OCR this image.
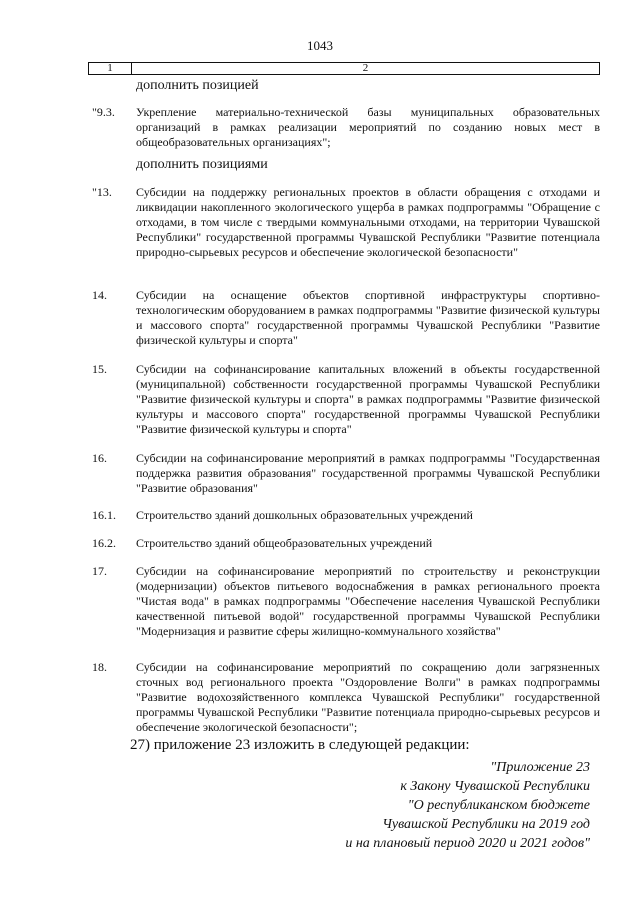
1043
1	2
дополнить позицией
"9.3.	Укрепление материально-технической базы муниципальных образовательных организаций в рамках реализации мероприятий по созданию новых мест в общеобразовательных организациях";
дополнить позициями
"13.	Субсидии на поддержку региональных проектов в области обращения с отходами и ликвидации накопленного экологического ущерба в рамках подпрограммы "Обращение с отходами, в том числе с твердыми коммунальными отходами, на территории Чувашской Республики" государственной программы Чувашской Республики "Развитие потенциала природно-сырьевых ресурсов и обеспечение экологической безопасности"
14.	Субсидии на оснащение объектов спортивной инфраструктуры спортивно-технологическим оборудованием в рамках подпрограммы "Развитие физической культуры и массового спорта" государственной программы Чувашской Республики "Развитие физической культуры и спорта"
15.	Субсидии на софинансирование капитальных вложений в объекты государственной (муниципальной) собственности государственной программы Чувашской Республики "Развитие физической культуры и спорта" в рамках подпрограммы "Развитие физической культуры и массового спорта" государственной программы Чувашской Республики "Развитие физической культуры и спорта"
16.	Субсидии на софинансирование мероприятий в рамках подпрограммы "Государственная поддержка развития образования" государственной программы Чувашской Республики "Развитие образования"
16.1.	Строительство зданий дошкольных образовательных учреждений
16.2.	Строительство зданий общеобразовательных учреждений
17.	Субсидии на софинансирование мероприятий по строительству и реконструкции (модернизации) объектов питьевого водоснабжения в рамках регионального проекта "Чистая вода" в рамках подпрограммы "Обеспечение населения Чувашской Республики качественной питьевой водой" государственной программы Чувашской Республики "Модернизация и развитие сферы жилищно-коммунального хозяйства"
18.	Субсидии на софинансирование мероприятий по сокращению доли загрязненных сточных вод регионального проекта "Оздоровление Волги" в рамках подпрограммы "Развитие водохозяйственного комплекса Чувашской Республики" государственной программы Чувашской Республики "Развитие потенциала природно-сырьевых ресурсов и обеспечение экологической безопасности";
27) приложение 23 изложить в следующей редакции:
"Приложение 23
к Закону Чувашской Республики
"О республиканском бюджете
Чувашской Республики на 2019 год
и на плановый период 2020 и 2021 годов"
